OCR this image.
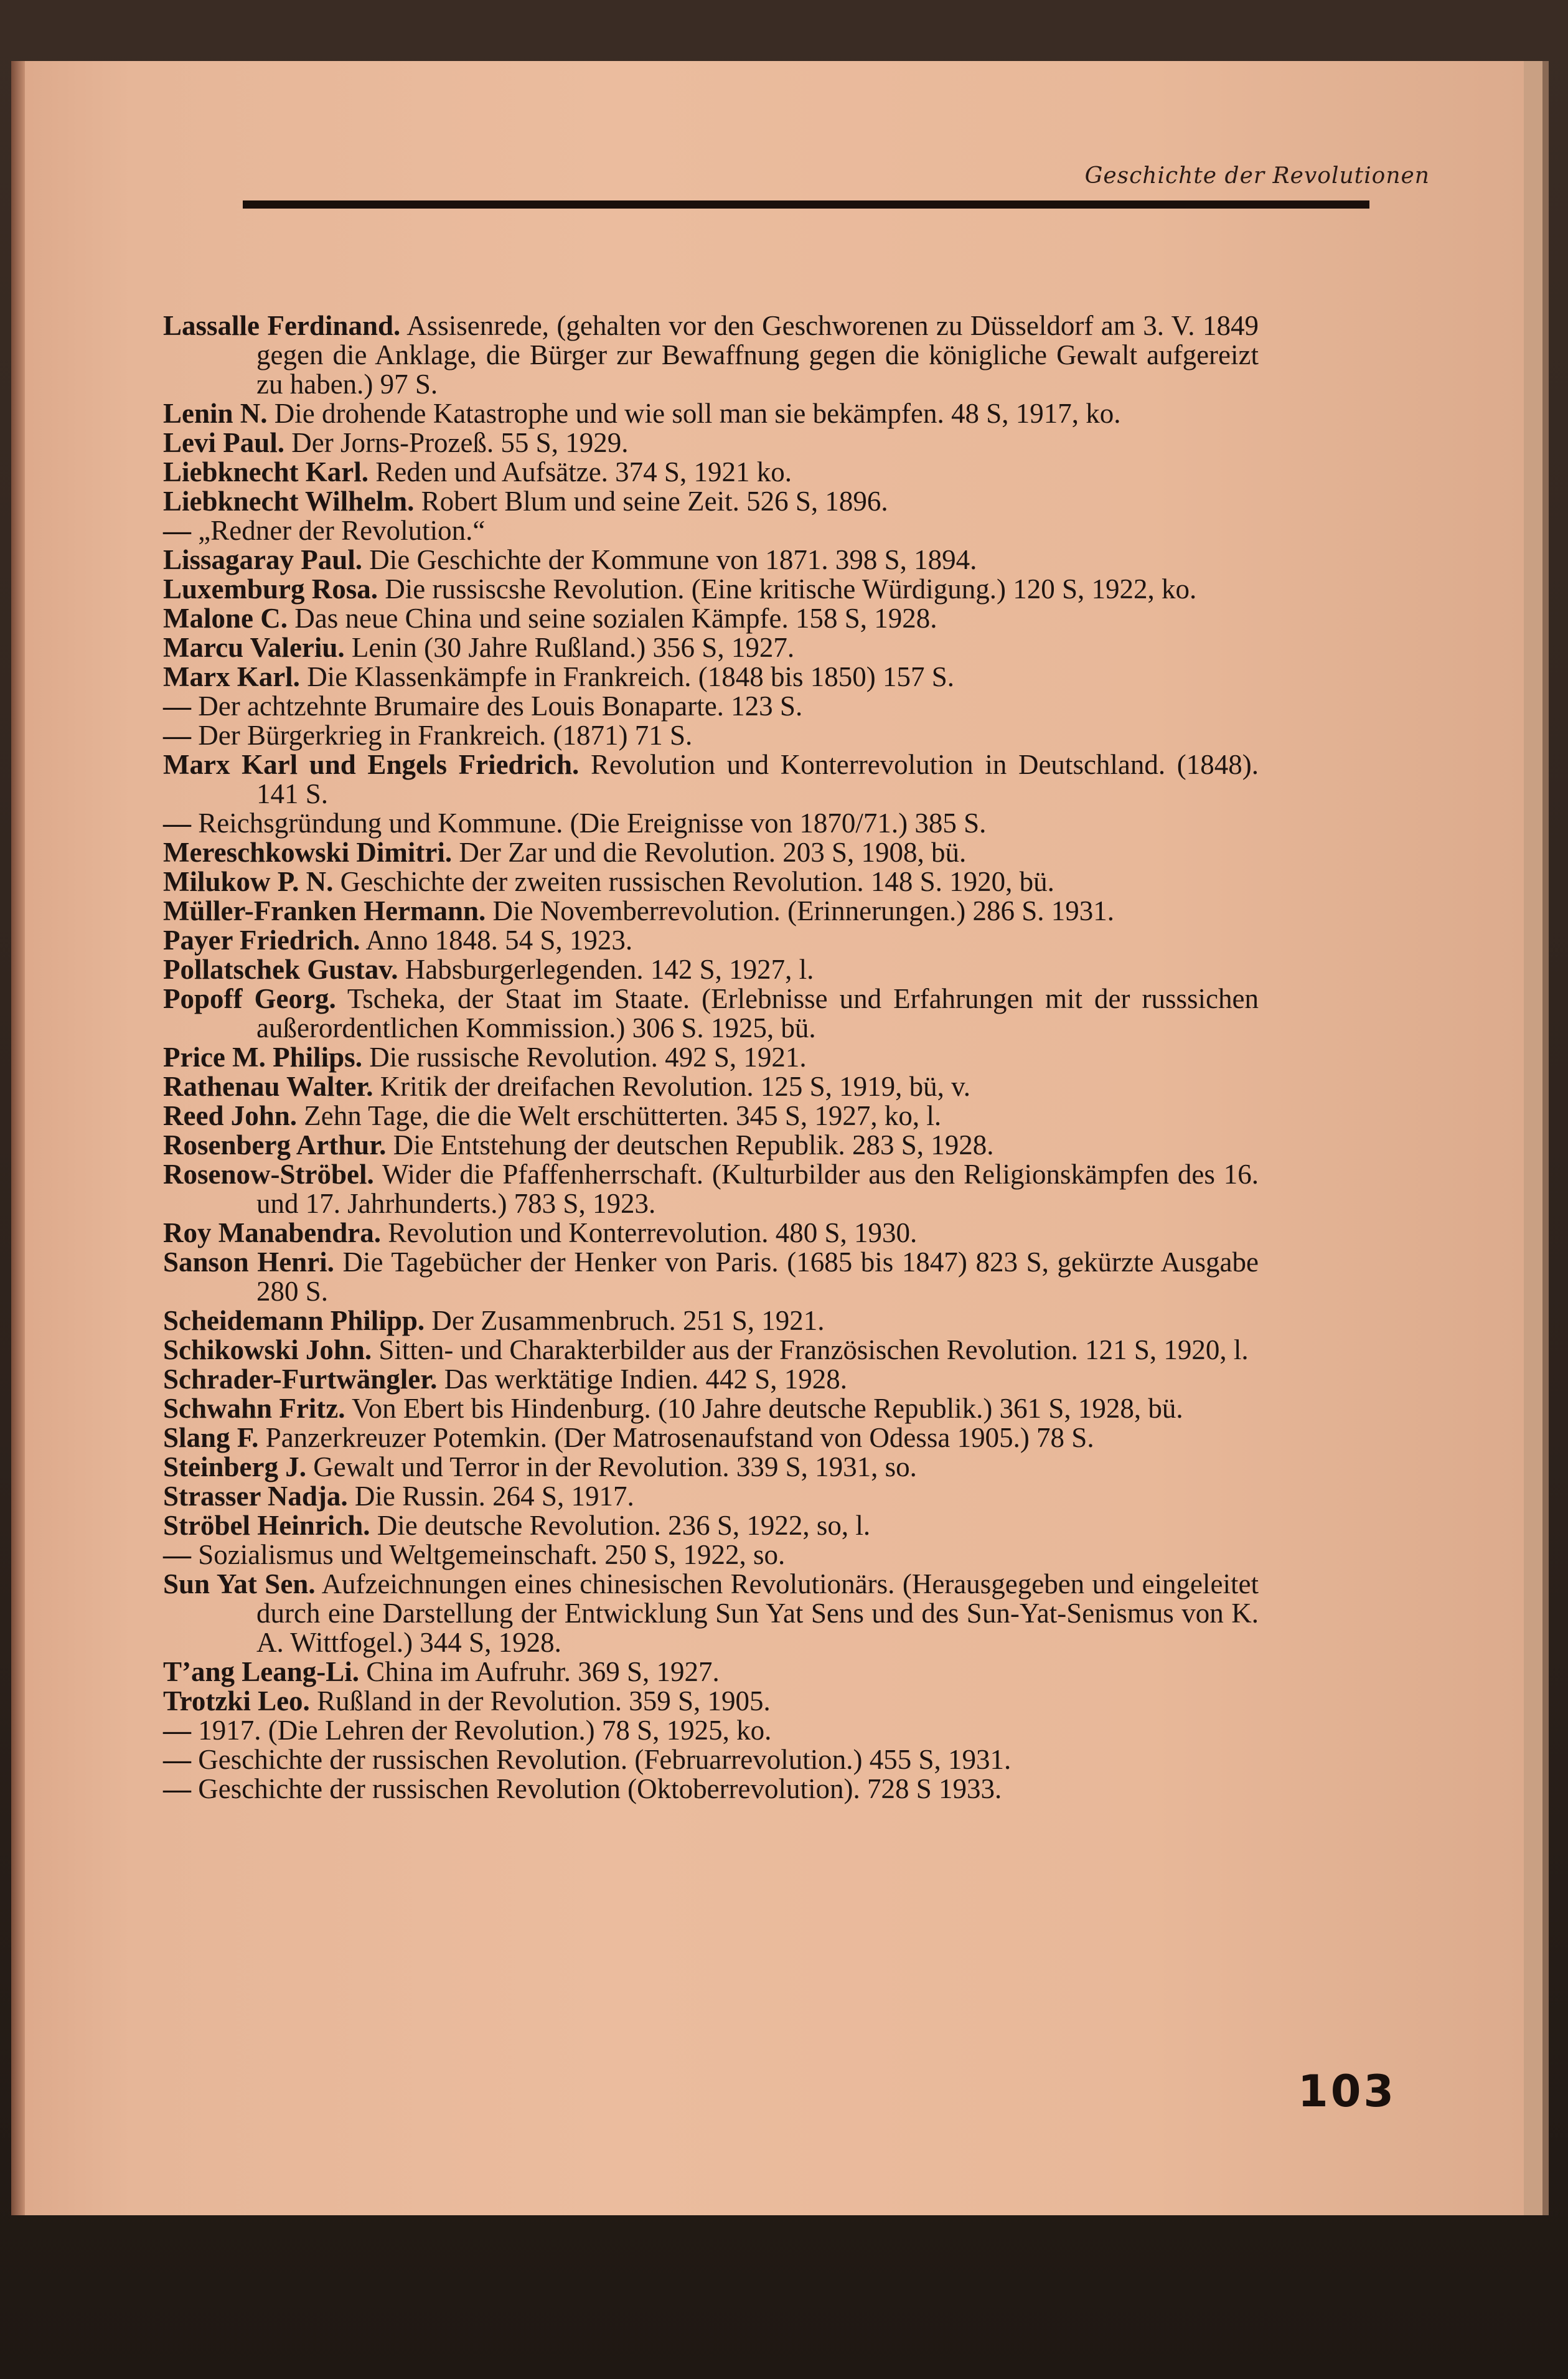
Geschichte der Revolutionen

Lassalle Ferdinand. Assisenrede, (gehalten vor den Geschworenen zu Düsseldorf am 3. V. 1849 gegen die Anklage, die Bürger zur Bewaffnung gegen die königliche Gewalt aufgereizt zu haben.) 97 S.

Lenin N. Die drohende Katastrophe und wie soll man sie bekämpfen. 48 S, 1917, ko.

Levi Paul. Der Jorns-Prozeß. 55 S, 1929.

Liebknecht Karl. Reden und Aufsätze. 374 S, 1921 ko.

Liebknecht Wilhelm. Robert Blum und seine Zeit. 526 S, 1896.

— „Redner der Revolution.“

Lissagaray Paul. Die Geschichte der Kommune von 1871. 398 S, 1894.

Luxemburg Rosa. Die russiscshe Revolution. (Eine kritische Würdigung.) 120 S, 1922, ko.

Malone C. Das neue China und seine sozialen Kämpfe. 158 S, 1928.

Marcu Valeriu. Lenin (30 Jahre Rußland.) 356 S, 1927.

Marx Karl. Die Klassenkämpfe in Frankreich. (1848 bis 1850) 157 S.

— Der achtzehnte Brumaire des Louis Bonaparte. 123 S.

— Der Bürgerkrieg in Frankreich. (1871) 71 S.

Marx Karl und Engels Friedrich. Revolution und Konterrevolution in Deutschland. (1848). 141 S.

— Reichsgründung und Kommune. (Die Ereignisse von 1870/71.) 385 S.

Mereschkowski Dimitri. Der Zar und die Revolution. 203 S, 1908, bü.

Milukow P. N. Geschichte der zweiten russischen Revolution. 148 S. 1920, bü.

Müller-Franken Hermann. Die Novemberrevolution. (Erinnerungen.) 286 S. 1931.

Payer Friedrich. Anno 1848. 54 S, 1923.

Pollatschek Gustav. Habsburgerlegenden. 142 S, 1927, l.

Popoff Georg. Tscheka, der Staat im Staate. (Erlebnisse und Erfahrungen mit der russsichen außerordentlichen Kommission.) 306 S. 1925, bü.

Price M. Philips. Die russische Revolution. 492 S, 1921.

Rathenau Walter. Kritik der dreifachen Revolution. 125 S, 1919, bü, v.

Reed John. Zehn Tage, die die Welt erschütterten. 345 S, 1927, ko, l.

Rosenberg Arthur. Die Entstehung der deutschen Republik. 283 S, 1928.

Rosenow-Ströbel. Wider die Pfaffenherrschaft. (Kulturbilder aus den Religionskämpfen des 16. und 17. Jahrhunderts.) 783 S, 1923.

Roy Manabendra. Revolution und Konterrevolution. 480 S, 1930.

Sanson Henri. Die Tagebücher der Henker von Paris. (1685 bis 1847) 823 S, gekürzte Ausgabe 280 S.

Scheidemann Philipp. Der Zusammenbruch. 251 S, 1921.

Schikowski John. Sitten- und Charakterbilder aus der Französischen Revolution. 121 S, 1920, l.

Schrader-Furtwängler. Das werktätige Indien. 442 S, 1928.

Schwahn Fritz. Von Ebert bis Hindenburg. (10 Jahre deutsche Republik.) 361 S, 1928, bü.

Slang F. Panzerkreuzer Potemkin. (Der Matrosenaufstand von Odessa 1905.) 78 S.

Steinberg J. Gewalt und Terror in der Revolution. 339 S, 1931, so.

Strasser Nadja. Die Russin. 264 S, 1917.

Ströbel Heinrich. Die deutsche Revolution. 236 S, 1922, so, l.

— Sozialismus und Weltgemeinschaft. 250 S, 1922, so.

Sun Yat Sen. Aufzeichnungen eines chinesischen Revolutionärs. (Herausgegeben und eingeleitet durch eine Darstellung der Entwicklung Sun Yat Sens und des Sun-Yat-Senismus von K. A. Wittfogel.) 344 S, 1928.

T’ang Leang-Li. China im Aufruhr. 369 S, 1927.

Trotzki Leo. Rußland in der Revolution. 359 S, 1905.

— 1917. (Die Lehren der Revolution.) 78 S, 1925, ko.

— Geschichte der russischen Revolution. (Februarrevolution.) 455 S, 1931.

— Geschichte der russischen Revolution (Oktoberrevolution). 728 S 1933.

103
